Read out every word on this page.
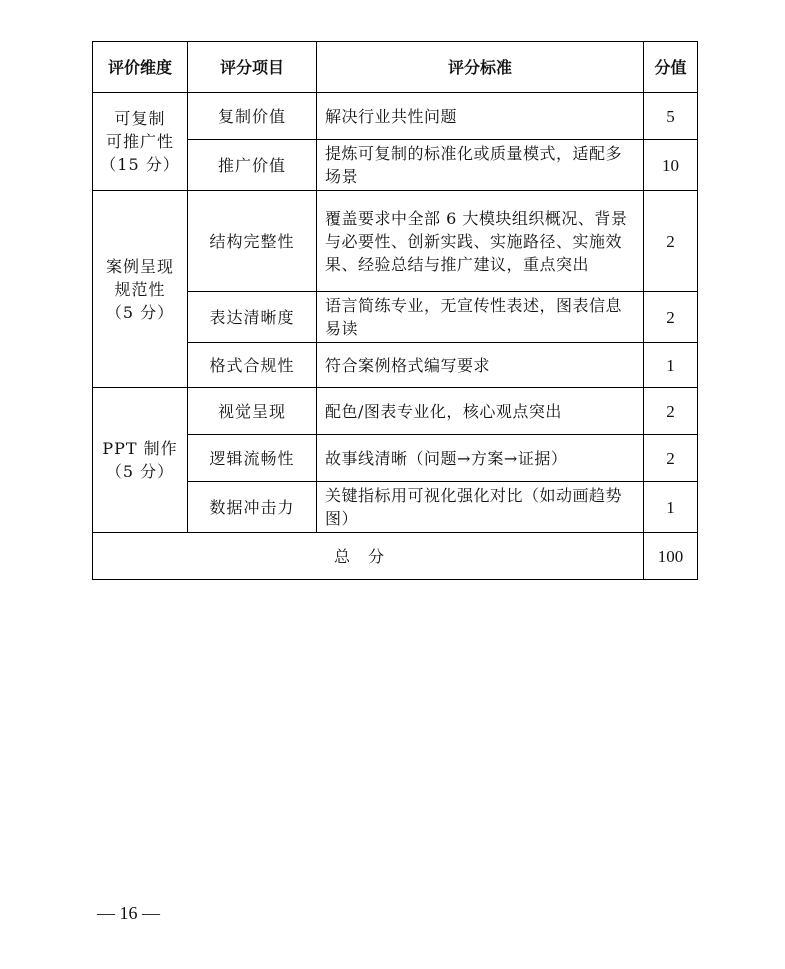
评价维度	评分项目	评分标准	分值

可复制
可推广性
（15 分）	复制价值	解决行业共性问题	5
	推广价值	提炼可复制的标准化或质量模式，适配多场景	10

案例呈现
规范性
（5 分）	结构完整性	覆盖要求中全部 6 大模块组织概况、背景与必要性、创新实践、实施路径、实施效果、经验总结与推广建议，重点突出	2
	表达清晰度	语言简练专业，无宣传性表述，图表信息易读	2
	格式合规性	符合案例格式编写要求	1

PPT 制作
（5 分）	视觉呈现	配色/图表专业化，核心观点突出	2
	逻辑流畅性	故事线清晰（问题→方案→证据）	2
	数据冲击力	关键指标用可视化强化对比（如动画趋势图）	1
总分			100
— 16 —
